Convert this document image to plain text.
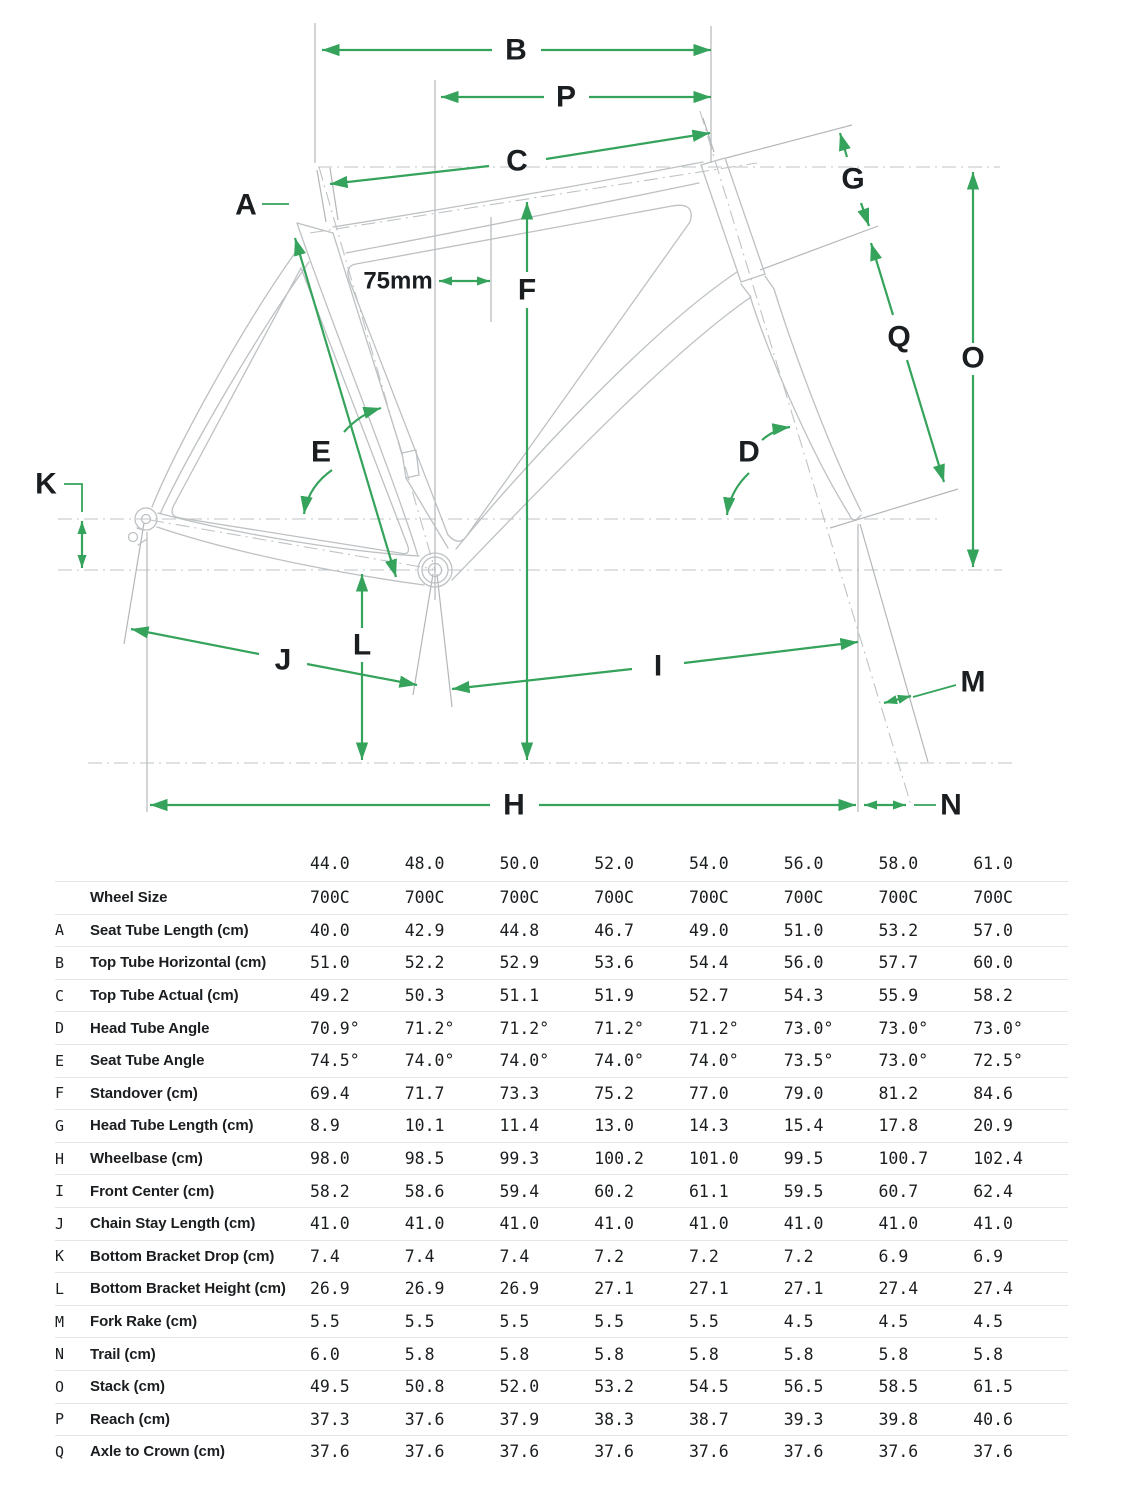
A
B
C
P
G
Q
O
D
E
F
K
L
J	I	M
H	N
75mm
44.0	48.0	50.0	52.0	54.0	56.0	58.0	61.0
Wheel Size	700C	700C	700C	700C	700C	700C	700C	700C
A	Seat Tube Length (cm)	40.0	42.9	44.8	46.7	49.0	51.0	53.2	57.0
B	Top Tube Horizontal (cm)	51.0	52.2	52.9	53.6	54.4	56.0	57.7	60.0
C	Top Tube Actual (cm)	49.2	50.3	51.1	51.9	52.7	54.3	55.9	58.2
D	Head Tube Angle	70.9°	71.2°	71.2°	71.2°	71.2°	73.0°	73.0°	73.0°
E	Seat Tube Angle	74.5°	74.0°	74.0°	74.0°	74.0°	73.5°	73.0°	72.5°
F	Standover (cm)	69.4	71.7	73.3	75.2	77.0	79.0	81.2	84.6
G	Head Tube Length (cm)	8.9	10.1	11.4	13.0	14.3	15.4	17.8	20.9
H	Wheelbase (cm)	98.0	98.5	99.3	100.2	101.0	99.5	100.7	102.4
I	Front Center (cm)	58.2	58.6	59.4	60.2	61.1	59.5	60.7	62.4
J	Chain Stay Length (cm)	41.0	41.0	41.0	41.0	41.0	41.0	41.0	41.0
K	Bottom Bracket Drop (cm)	7.4	7.4	7.4	7.2	7.2	7.2	6.9	6.9
L	Bottom Bracket Height (cm)	26.9	26.9	26.9	27.1	27.1	27.1	27.4	27.4
M	Fork Rake (cm)	5.5	5.5	5.5	5.5	5.5	4.5	4.5	4.5
N	Trail (cm)	6.0	5.8	5.8	5.8	5.8	5.8	5.8	5.8
O	Stack (cm)	49.5	50.8	52.0	53.2	54.5	56.5	58.5	61.5
P	Reach (cm)	37.3	37.6	37.9	38.3	38.7	39.3	39.8	40.6
Q	Axle to Crown (cm)	37.6	37.6	37.6	37.6	37.6	37.6	37.6	37.6
